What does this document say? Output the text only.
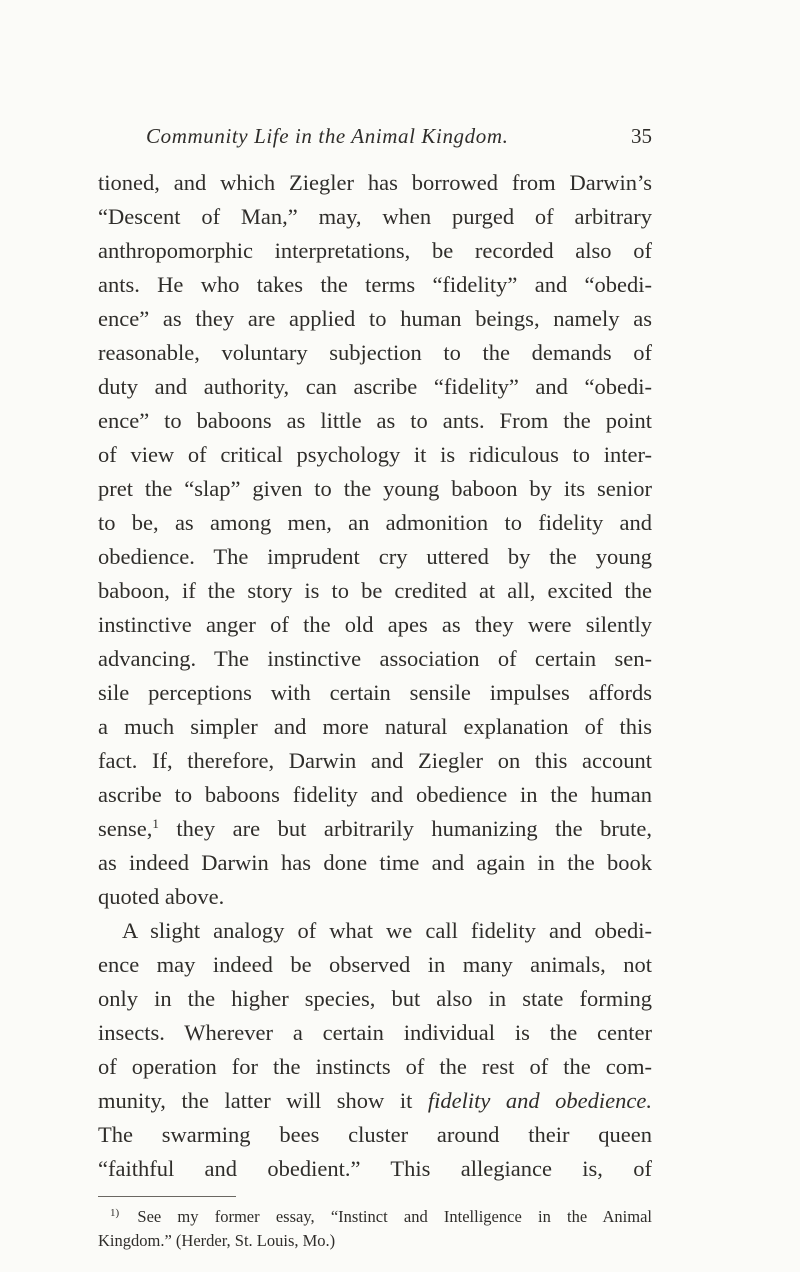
Community Life in the Animal Kingdom.	35
tioned, and which Ziegler has borrowed from Darwin’s
“Descent of Man,” may, when purged of arbitrary
anthropomorphic interpretations, be recorded also of
ants. He who takes the terms “fidelity” and “obedi-
ence” as they are applied to human beings, namely as
reasonable, voluntary subjection to the demands of
duty and authority, can ascribe “fidelity” and “obedi-
ence” to baboons as little as to ants. From the point
of view of critical psychology it is ridiculous to inter-
pret the “slap” given to the young baboon by its senior
to be, as among men, an admonition to fidelity and
obedience. The imprudent cry uttered by the young
baboon, if the story is to be credited at all, excited the
instinctive anger of the old apes as they were silently
advancing. The instinctive association of certain sen-
sile perceptions with certain sensile impulses affords
a much simpler and more natural explanation of this
fact. If, therefore, Darwin and Ziegler on this account
ascribe to baboons fidelity and obedience in the human
sense,$^1$ they are but arbitrarily humanizing the brute,
as indeed Darwin has done time and again in the book
quoted above.
A slight analogy of what we call fidelity and obedi-
ence may indeed be observed in many animals, not
only in the higher species, but also in state forming
insects. Wherever a certain individual is the center
of operation for the instincts of the rest of the com-
munity, the latter will show it fidelity and obedience.
The swarming bees cluster around their queen
“faithful and obedient.” This allegiance is, of
$^{1)}$ See my former essay, “Instinct and Intelligence in the Animal
Kingdom.” (Herder, St. Louis, Mo.)
